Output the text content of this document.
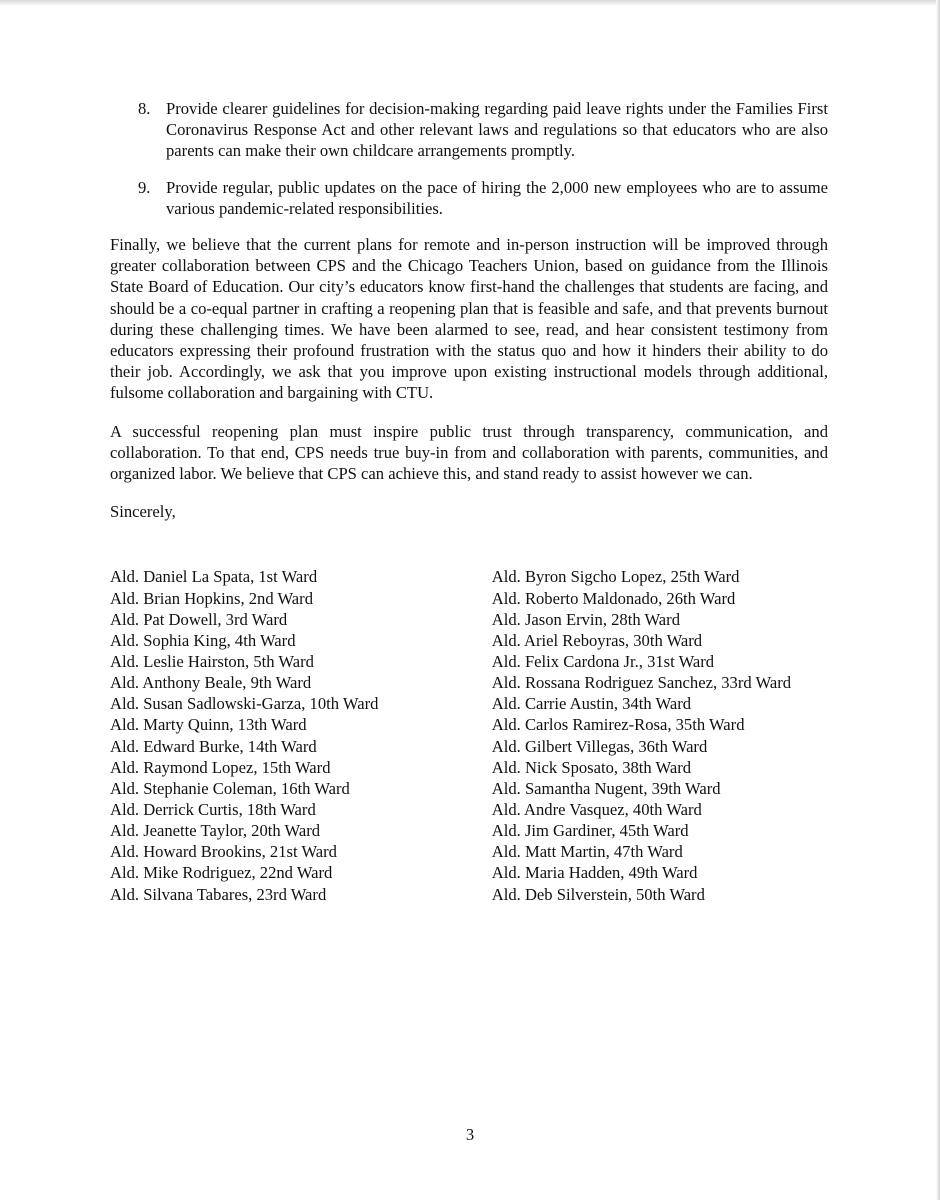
8. Provide clearer guidelines for decision-making regarding paid leave rights under the Families First Coronavirus Response Act and other relevant laws and regulations so that educators who are also parents can make their own childcare arrangements promptly.
9. Provide regular, public updates on the pace of hiring the 2,000 new employees who are to assume various pandemic-related responsibilities.

Finally, we believe that the current plans for remote and in-person instruction will be improved through greater collaboration between CPS and the Chicago Teachers Union, based on guidance from the Illinois State Board of Education. Our city’s educators know first-hand the challenges that students are facing, and should be a co-equal partner in crafting a reopening plan that is feasible and safe, and that prevents burnout during these challenging times. We have been alarmed to see, read, and hear consistent testimony from educators expressing their profound frustration with the status quo and how it hinders their ability to do their job. Accordingly, we ask that you improve upon existing instructional models through additional, fulsome collaboration and bargaining with CTU.

A successful reopening plan must inspire public trust through transparency, communication, and collaboration. To that end, CPS needs true buy-in from and collaboration with parents, communities, and organized labor. We believe that CPS can achieve this, and stand ready to assist however we can.

Sincerely,

Ald. Daniel La Spata, 1st Ward
Ald. Brian Hopkins, 2nd Ward
Ald. Pat Dowell, 3rd Ward
Ald. Sophia King, 4th Ward
Ald. Leslie Hairston, 5th Ward
Ald. Anthony Beale, 9th Ward
Ald. Susan Sadlowski-Garza, 10th Ward
Ald. Marty Quinn, 13th Ward
Ald. Edward Burke, 14th Ward
Ald. Raymond Lopez, 15th Ward
Ald. Stephanie Coleman, 16th Ward
Ald. Derrick Curtis, 18th Ward
Ald. Jeanette Taylor, 20th Ward
Ald. Howard Brookins, 21st Ward
Ald. Mike Rodriguez, 22nd Ward
Ald. Silvana Tabares, 23rd Ward
Ald. Byron Sigcho Lopez, 25th Ward
Ald. Roberto Maldonado, 26th Ward
Ald. Jason Ervin, 28th Ward
Ald. Ariel Reboyras, 30th Ward
Ald. Felix Cardona Jr., 31st Ward
Ald. Rossana Rodriguez Sanchez, 33rd Ward
Ald. Carrie Austin, 34th Ward
Ald. Carlos Ramirez-Rosa, 35th Ward
Ald. Gilbert Villegas, 36th Ward
Ald. Nick Sposato, 38th Ward
Ald. Samantha Nugent, 39th Ward
Ald. Andre Vasquez, 40th Ward
Ald. Jim Gardiner, 45th Ward
Ald. Matt Martin, 47th Ward
Ald. Maria Hadden, 49th Ward
Ald. Deb Silverstein, 50th Ward
3
